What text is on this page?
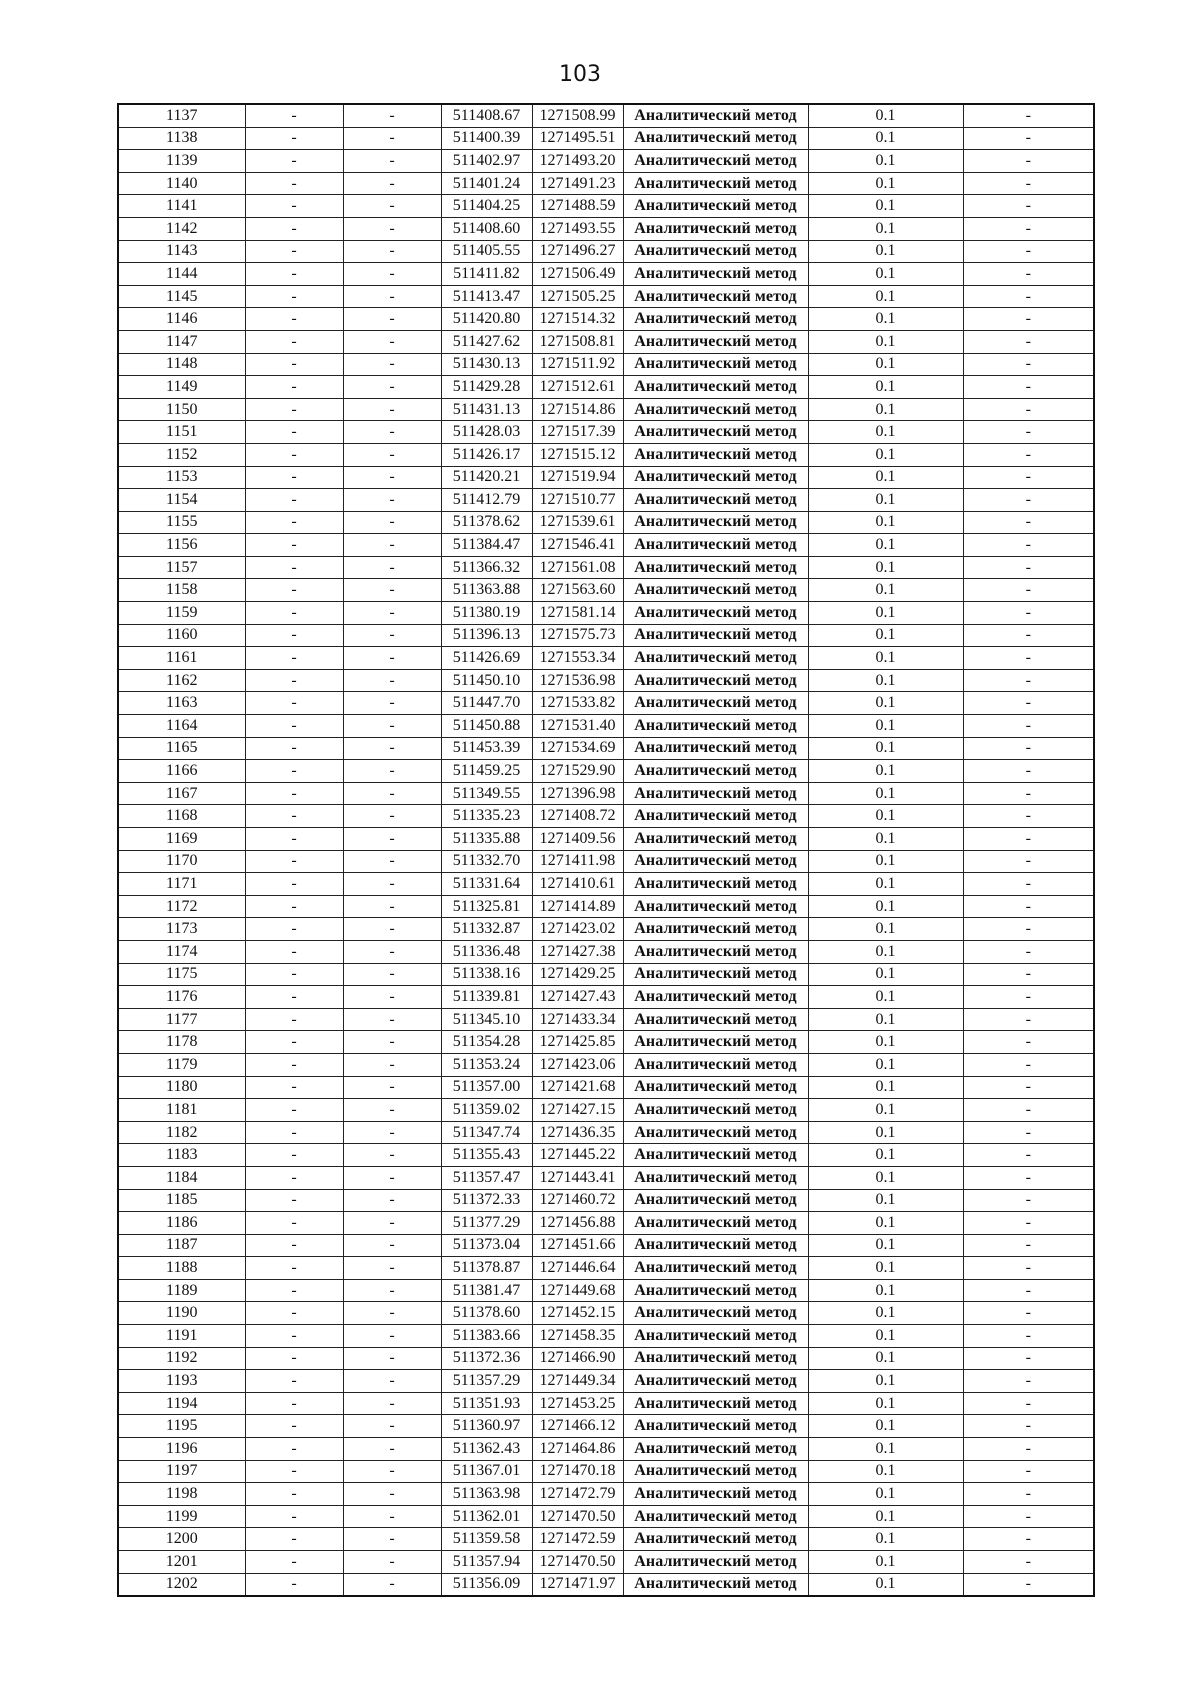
103
1137	-	-	511408.67	1271508.99	Аналитический метод	0.1	-
1138	-	-	511400.39	1271495.51	Аналитический метод	0.1	-
1139	-	-	511402.97	1271493.20	Аналитический метод	0.1	-
1140	-	-	511401.24	1271491.23	Аналитический метод	0.1	-
1141	-	-	511404.25	1271488.59	Аналитический метод	0.1	-
1142	-	-	511408.60	1271493.55	Аналитический метод	0.1	-
1143	-	-	511405.55	1271496.27	Аналитический метод	0.1	-
1144	-	-	511411.82	1271506.49	Аналитический метод	0.1	-
1145	-	-	511413.47	1271505.25	Аналитический метод	0.1	-
1146	-	-	511420.80	1271514.32	Аналитический метод	0.1	-
1147	-	-	511427.62	1271508.81	Аналитический метод	0.1	-
1148	-	-	511430.13	1271511.92	Аналитический метод	0.1	-
1149	-	-	511429.28	1271512.61	Аналитический метод	0.1	-
1150	-	-	511431.13	1271514.86	Аналитический метод	0.1	-
1151	-	-	511428.03	1271517.39	Аналитический метод	0.1	-
1152	-	-	511426.17	1271515.12	Аналитический метод	0.1	-
1153	-	-	511420.21	1271519.94	Аналитический метод	0.1	-
1154	-	-	511412.79	1271510.77	Аналитический метод	0.1	-
1155	-	-	511378.62	1271539.61	Аналитический метод	0.1	-
1156	-	-	511384.47	1271546.41	Аналитический метод	0.1	-
1157	-	-	511366.32	1271561.08	Аналитический метод	0.1	-
1158	-	-	511363.88	1271563.60	Аналитический метод	0.1	-
1159	-	-	511380.19	1271581.14	Аналитический метод	0.1	-
1160	-	-	511396.13	1271575.73	Аналитический метод	0.1	-
1161	-	-	511426.69	1271553.34	Аналитический метод	0.1	-
1162	-	-	511450.10	1271536.98	Аналитический метод	0.1	-
1163	-	-	511447.70	1271533.82	Аналитический метод	0.1	-
1164	-	-	511450.88	1271531.40	Аналитический метод	0.1	-
1165	-	-	511453.39	1271534.69	Аналитический метод	0.1	-
1166	-	-	511459.25	1271529.90	Аналитический метод	0.1	-
1167	-	-	511349.55	1271396.98	Аналитический метод	0.1	-
1168	-	-	511335.23	1271408.72	Аналитический метод	0.1	-
1169	-	-	511335.88	1271409.56	Аналитический метод	0.1	-
1170	-	-	511332.70	1271411.98	Аналитический метод	0.1	-
1171	-	-	511331.64	1271410.61	Аналитический метод	0.1	-
1172	-	-	511325.81	1271414.89	Аналитический метод	0.1	-
1173	-	-	511332.87	1271423.02	Аналитический метод	0.1	-
1174	-	-	511336.48	1271427.38	Аналитический метод	0.1	-
1175	-	-	511338.16	1271429.25	Аналитический метод	0.1	-
1176	-	-	511339.81	1271427.43	Аналитический метод	0.1	-
1177	-	-	511345.10	1271433.34	Аналитический метод	0.1	-
1178	-	-	511354.28	1271425.85	Аналитический метод	0.1	-
1179	-	-	511353.24	1271423.06	Аналитический метод	0.1	-
1180	-	-	511357.00	1271421.68	Аналитический метод	0.1	-
1181	-	-	511359.02	1271427.15	Аналитический метод	0.1	-
1182	-	-	511347.74	1271436.35	Аналитический метод	0.1	-
1183	-	-	511355.43	1271445.22	Аналитический метод	0.1	-
1184	-	-	511357.47	1271443.41	Аналитический метод	0.1	-
1185	-	-	511372.33	1271460.72	Аналитический метод	0.1	-
1186	-	-	511377.29	1271456.88	Аналитический метод	0.1	-
1187	-	-	511373.04	1271451.66	Аналитический метод	0.1	-
1188	-	-	511378.87	1271446.64	Аналитический метод	0.1	-
1189	-	-	511381.47	1271449.68	Аналитический метод	0.1	-
1190	-	-	511378.60	1271452.15	Аналитический метод	0.1	-
1191	-	-	511383.66	1271458.35	Аналитический метод	0.1	-
1192	-	-	511372.36	1271466.90	Аналитический метод	0.1	-
1193	-	-	511357.29	1271449.34	Аналитический метод	0.1	-
1194	-	-	511351.93	1271453.25	Аналитический метод	0.1	-
1195	-	-	511360.97	1271466.12	Аналитический метод	0.1	-
1196	-	-	511362.43	1271464.86	Аналитический метод	0.1	-
1197	-	-	511367.01	1271470.18	Аналитический метод	0.1	-
1198	-	-	511363.98	1271472.79	Аналитический метод	0.1	-
1199	-	-	511362.01	1271470.50	Аналитический метод	0.1	-
1200	-	-	511359.58	1271472.59	Аналитический метод	0.1	-
1201	-	-	511357.94	1271470.50	Аналитический метод	0.1	-
1202	-	-	511356.09	1271471.97	Аналитический метод	0.1	-
